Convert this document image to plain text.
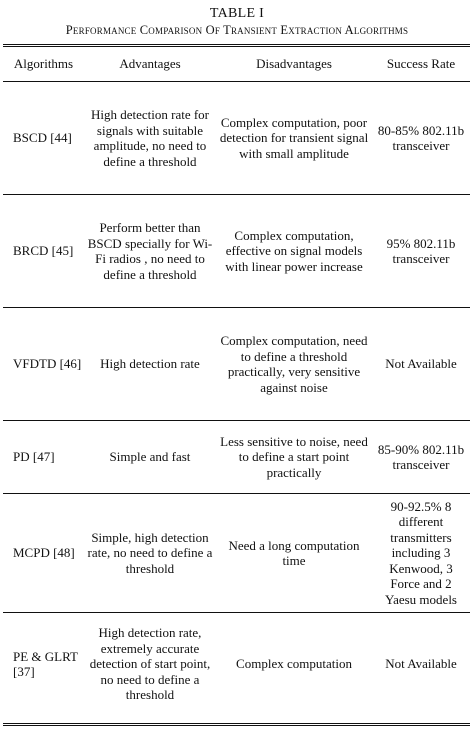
TABLE I
Performance Comparison Of Transient Extraction Algorithms
Algorithms	Advantages	Disadvantages	Success Rate
BSCD [44]	High detection rate for signals with suitable amplitude, no need to define a threshold	Complex computation, poor detection for transient signal with small amplitude	80-85% 802.11b transceiver
BRCD [45]	Perform better than BSCD specially for Wi-Fi radios , no need to define a threshold	Complex computation, effective on signal models with linear power increase	95% 802.11b transceiver
VFDTD [46]	High detection rate	Complex computation, need to define a threshold practically, very sensitive against noise	Not Available
PD [47]	Simple and fast	Less sensitive to noise, need to define a start point practically	85-90% 802.11b transceiver
MCPD [48]	Simple, high detection rate, no need to define a threshold	Need a long computation time	90-92.5% 8 different transmitters including 3 Kenwood, 3 Force and 2 Yaesu models
PE & GLRT [37]	High detection rate, extremely accurate detection of start point, no need to define a threshold	Complex computation	Not Available
